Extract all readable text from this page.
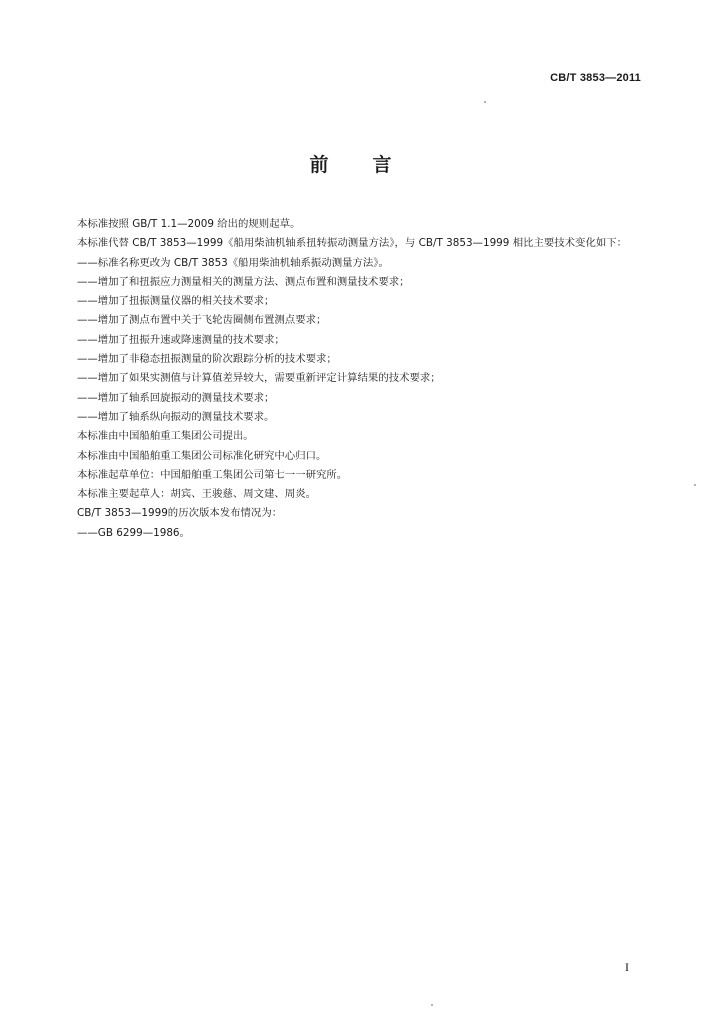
CB/T 3853—2011
前言

本标准按照 GB/T 1.1—2009 给出的规则起草。

本标准代替 CB/T 3853—1999《船用柴油机轴系扭转振动测量方法》，与 CB/T 3853—1999 相比主要技术变化如下：

——标准名称更改为 CB/T 3853《船用柴油机轴系振动测量方法》。

——增加了和扭振应力测量相关的测量方法、测点布置和测量技术要求；

——增加了扭振测量仪器的相关技术要求；

——增加了测点布置中关于飞轮齿圈侧布置测点要求；

——增加了扭振升速或降速测量的技术要求；

——增加了非稳态扭振测量的阶次跟踪分析的技术要求；

——增加了如果实测值与计算值差异较大，需要重新评定计算结果的技术要求；

——增加了轴系回旋振动的测量技术要求；

——增加了轴系纵向振动的测量技术要求。

本标准由中国船舶重工集团公司提出。

本标准由中国船舶重工集团公司标准化研究中心归口。

本标准起草单位：中国船舶重工集团公司第七一一研究所。

本标准主要起草人：胡宾、王骏慈、周文建、周炎。

CB/T 3853—1999的历次版本发布情况为：

——GB 6299—1986。

I
